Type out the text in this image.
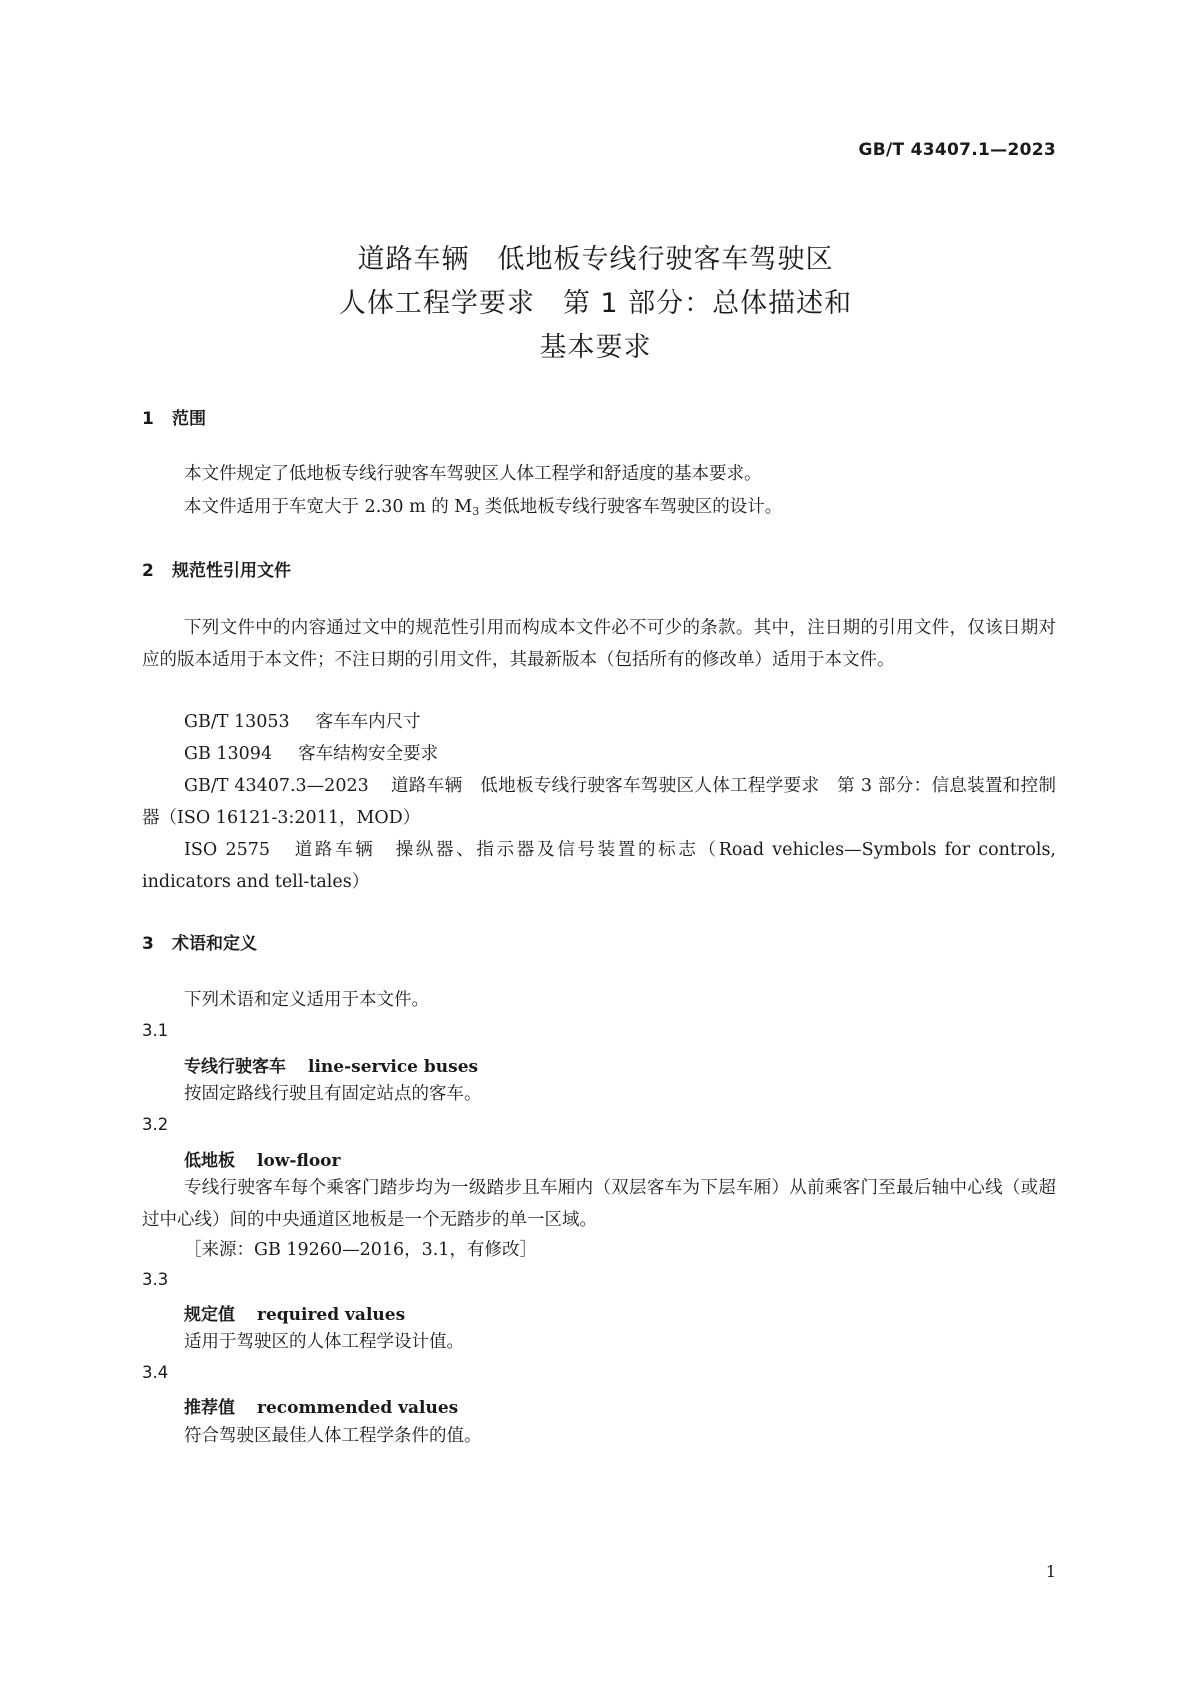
GB/T 43407.1—2023
道路车辆　低地板专线行驶客车驾驶区
人体工程学要求　第 1 部分：总体描述和
基本要求
1 范围

本文件规定了低地板专线行驶客车驾驶区人体工程学和舒适度的基本要求。

本文件适用于车宽大于 2.30 m 的 $M_3$ 类低地板专线行驶客车驾驶区的设计。

2 规范性引用文件

下列文件中的内容通过文中的规范性引用而构成本文件必不可少的条款。其中，注日期的引用文件，仅该日期对应的版本适用于本文件；不注日期的引用文件，其最新版本（包括所有的修改单）适用于本文件。

GB/T 13053 客车车内尺寸
GB 13094 客车结构安全要求

GB/T 43407.3—2023 道路车辆　低地板专线行驶客车驾驶区人体工程学要求　第 3 部分：信息装置和控制器（ISO 16121-3:2011，MOD）

ISO 2575 道路车辆　操纵器、指示器及信号装置的标志（Road vehicles—Symbols for controls, indicators and tell-tales）

3 术语和定义

下列术语和定义适用于本文件。

3.1
专线行驶客车 line-service buses

按固定路线行驶且有固定站点的客车。

3.2
低地板 low-floor

专线行驶客车每个乘客门踏步均为一级踏步且车厢内（双层客车为下层车厢）从前乘客门至最后轴中心线（或超过中心线）间的中央通道区地板是一个无踏步的单一区域。

［来源：GB 19260—2016，3.1，有修改］

3.3
规定值 required values

适用于驾驶区的人体工程学设计值。

3.4
推荐值 recommended values

符合驾驶区最佳人体工程学条件的值。

1
